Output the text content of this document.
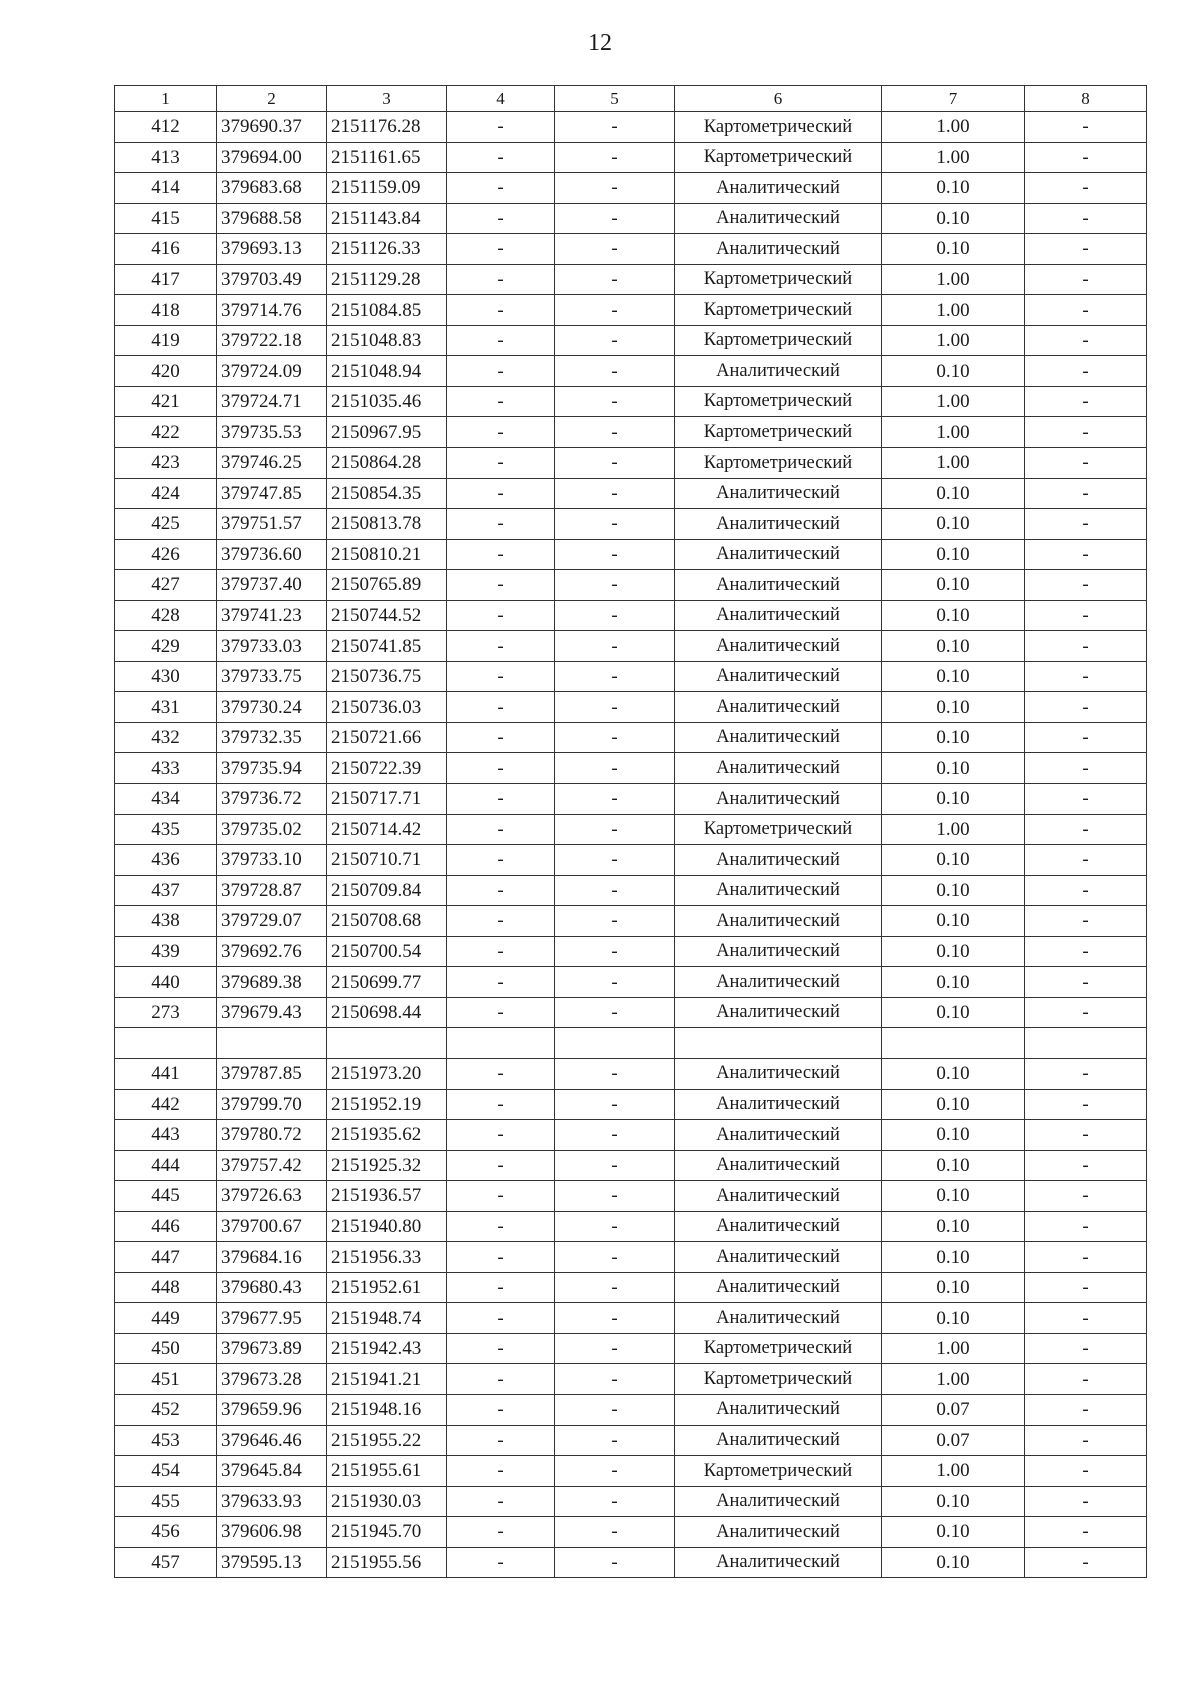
12
1	2	3	4	5	6	7	8
412	379690.37	2151176.28	-	-	Картометрический	1.00	-
413	379694.00	2151161.65	-	-	Картометрический	1.00	-
414	379683.68	2151159.09	-	-	Аналитический	0.10	-
415	379688.58	2151143.84	-	-	Аналитический	0.10	-
416	379693.13	2151126.33	-	-	Аналитический	0.10	-
417	379703.49	2151129.28	-	-	Картометрический	1.00	-
418	379714.76	2151084.85	-	-	Картометрический	1.00	-
419	379722.18	2151048.83	-	-	Картометрический	1.00	-
420	379724.09	2151048.94	-	-	Аналитический	0.10	-
421	379724.71	2151035.46	-	-	Картометрический	1.00	-
422	379735.53	2150967.95	-	-	Картометрический	1.00	-
423	379746.25	2150864.28	-	-	Картометрический	1.00	-
424	379747.85	2150854.35	-	-	Аналитический	0.10	-
425	379751.57	2150813.78	-	-	Аналитический	0.10	-
426	379736.60	2150810.21	-	-	Аналитический	0.10	-
427	379737.40	2150765.89	-	-	Аналитический	0.10	-
428	379741.23	2150744.52	-	-	Аналитический	0.10	-
429	379733.03	2150741.85	-	-	Аналитический	0.10	-
430	379733.75	2150736.75	-	-	Аналитический	0.10	-
431	379730.24	2150736.03	-	-	Аналитический	0.10	-
432	379732.35	2150721.66	-	-	Аналитический	0.10	-
433	379735.94	2150722.39	-	-	Аналитический	0.10	-
434	379736.72	2150717.71	-	-	Аналитический	0.10	-
435	379735.02	2150714.42	-	-	Картометрический	1.00	-
436	379733.10	2150710.71	-	-	Аналитический	0.10	-
437	379728.87	2150709.84	-	-	Аналитический	0.10	-
438	379729.07	2150708.68	-	-	Аналитический	0.10	-
439	379692.76	2150700.54	-	-	Аналитический	0.10	-
440	379689.38	2150699.77	-	-	Аналитический	0.10	-
273	379679.43	2150698.44	-	-	Аналитический	0.10	-

441	379787.85	2151973.20	-	-	Аналитический	0.10	-
442	379799.70	2151952.19	-	-	Аналитический	0.10	-
443	379780.72	2151935.62	-	-	Аналитический	0.10	-
444	379757.42	2151925.32	-	-	Аналитический	0.10	-
445	379726.63	2151936.57	-	-	Аналитический	0.10	-
446	379700.67	2151940.80	-	-	Аналитический	0.10	-
447	379684.16	2151956.33	-	-	Аналитический	0.10	-
448	379680.43	2151952.61	-	-	Аналитический	0.10	-
449	379677.95	2151948.74	-	-	Аналитический	0.10	-
450	379673.89	2151942.43	-	-	Картометрический	1.00	-
451	379673.28	2151941.21	-	-	Картометрический	1.00	-
452	379659.96	2151948.16	-	-	Аналитический	0.07	-
453	379646.46	2151955.22	-	-	Аналитический	0.07	-
454	379645.84	2151955.61	-	-	Картометрический	1.00	-
455	379633.93	2151930.03	-	-	Аналитический	0.10	-
456	379606.98	2151945.70	-	-	Аналитический	0.10	-
457	379595.13	2151955.56	-	-	Аналитический	0.10	-
